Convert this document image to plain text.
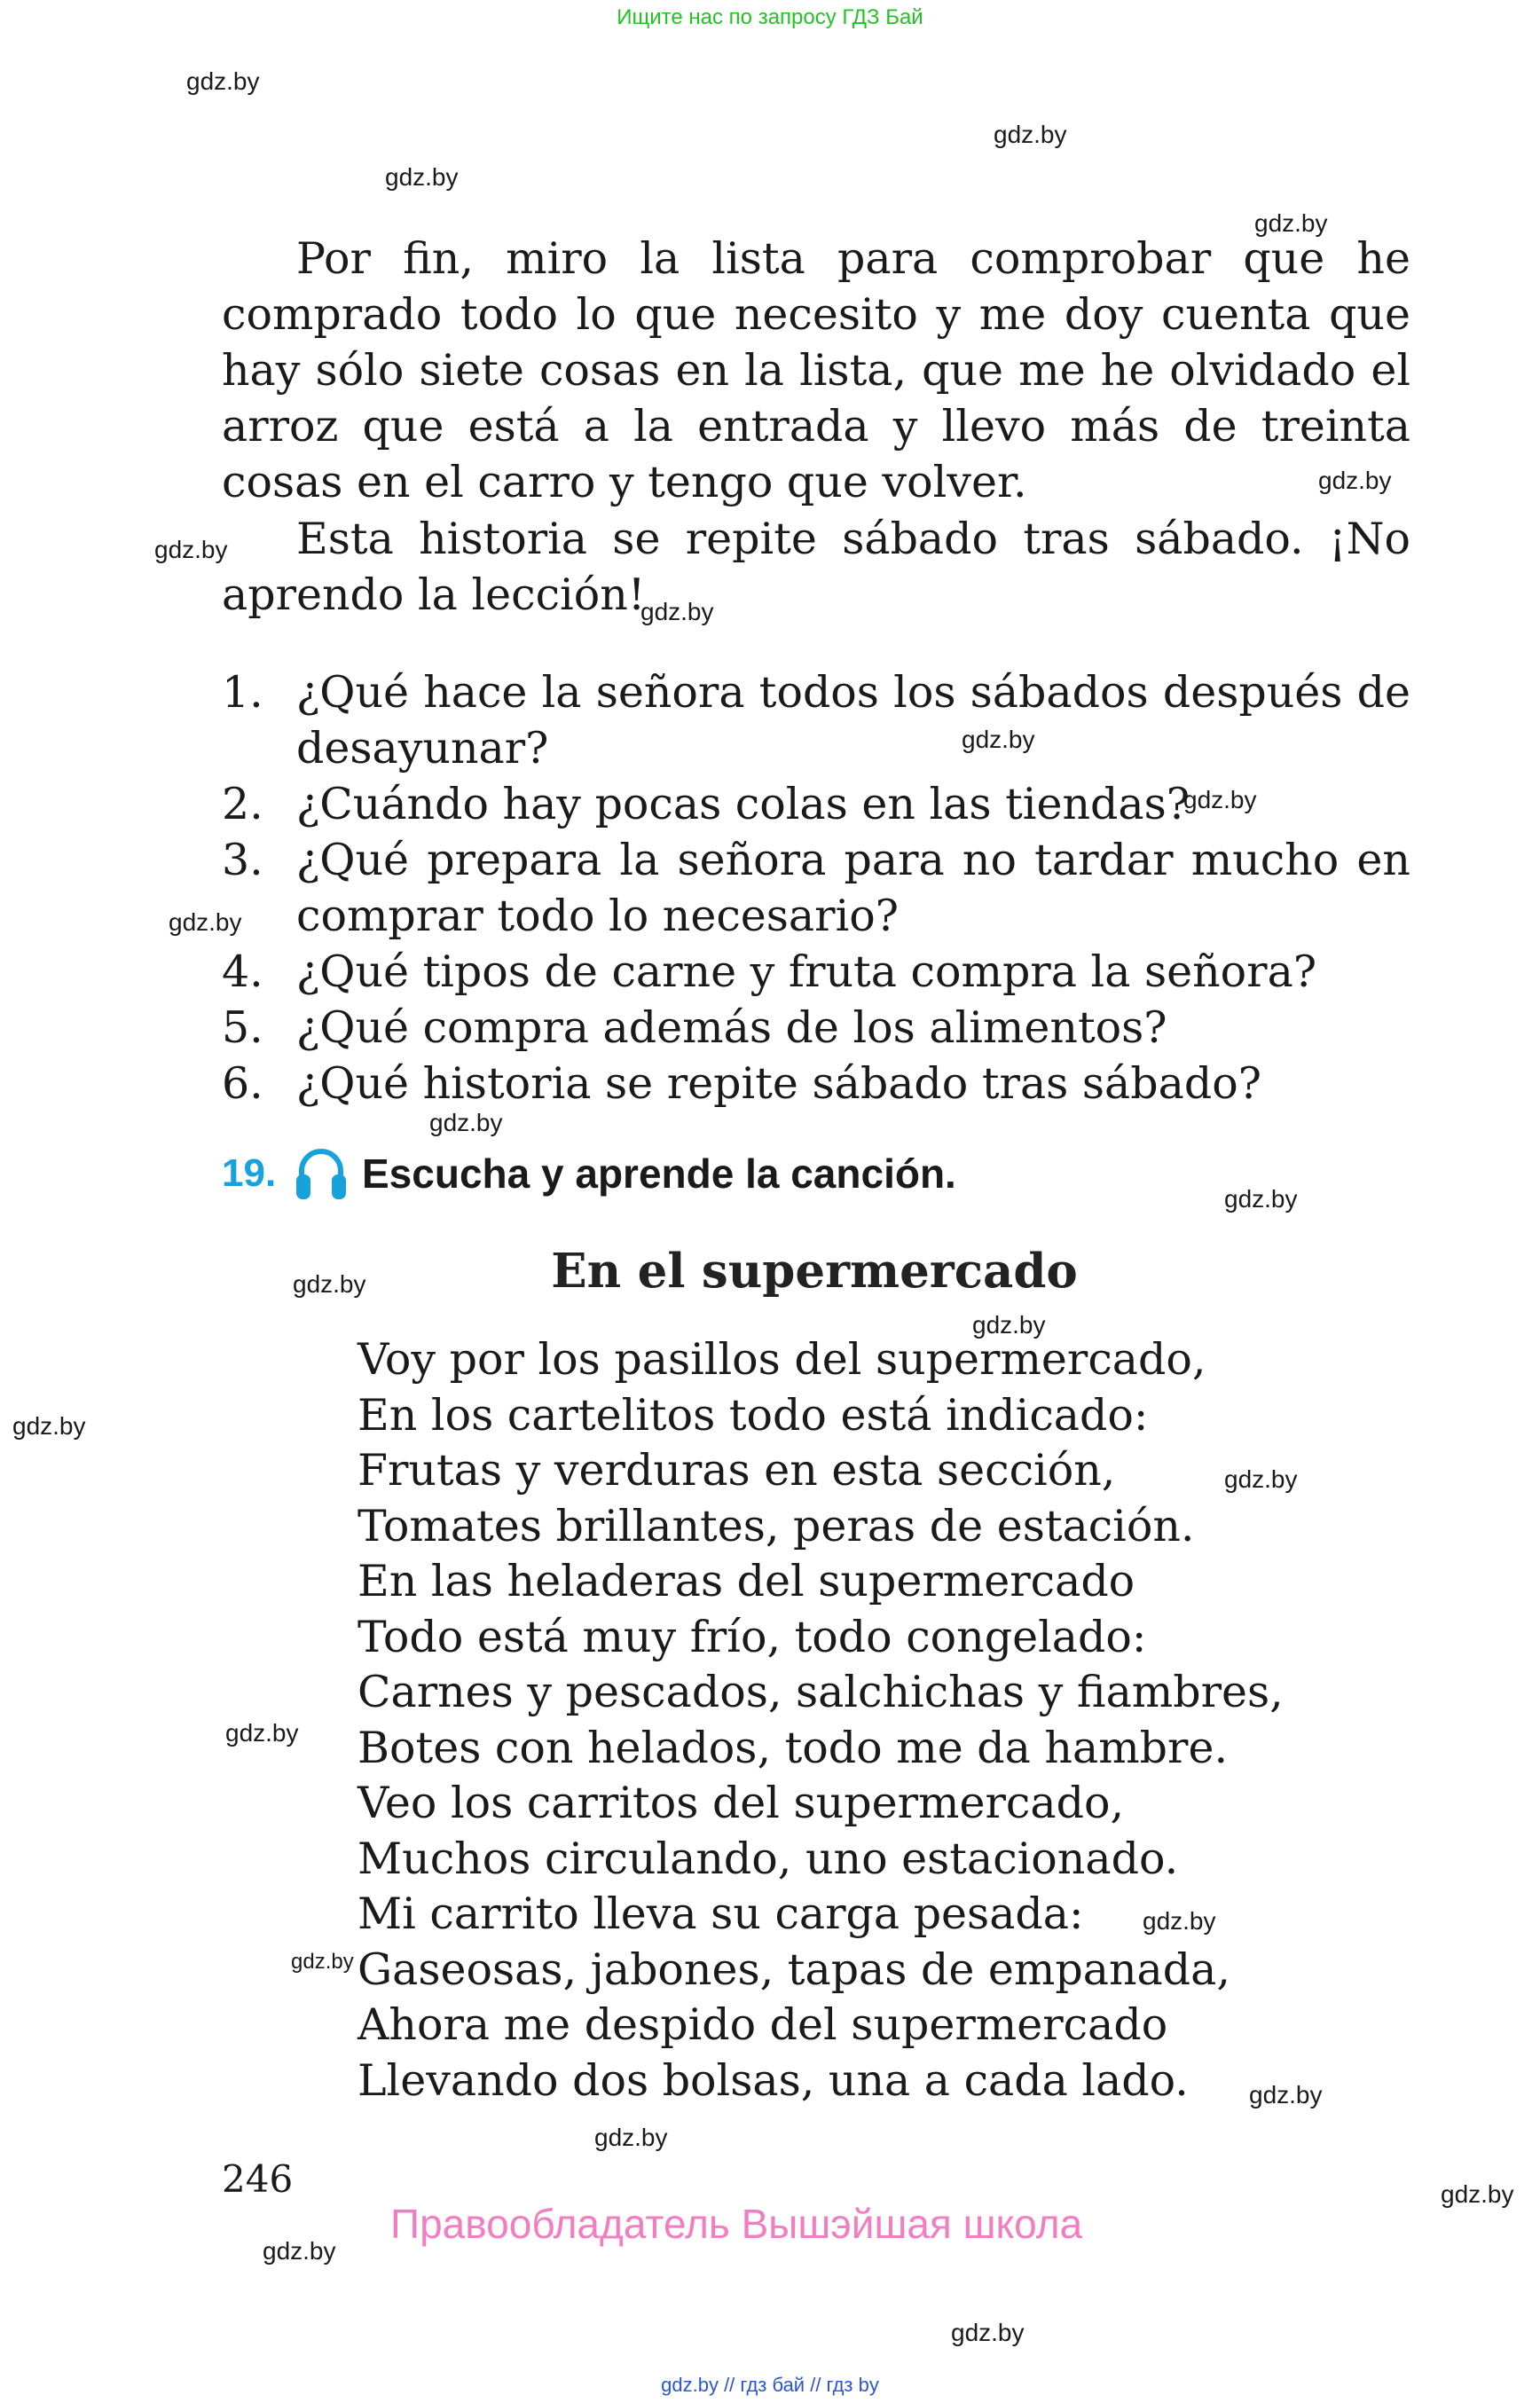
Ищите нас по запросу ГДЗ Бай
gdz.by
gdz.by
gdz.by
gdz.by
gdz.by
gdz.by
gdz.by
gdz.by
gdz.by
gdz.by
gdz.by
gdz.by
gdz.by
gdz.by
gdz.by
gdz.by
gdz.by
gdz.by
gdz.by
gdz.by
gdz.by
gdz.by
gdz.by
gdz.by

Por fin, miro la lista para comprobar que he comprado todo lo que necesito y me doy cuenta que hay sólo siete cosas en la lista, que me he olvidado el arroz que está a la entrada y llevo más de treinta cosas en el carro y tengo que volver.

Esta historia se repite sábado tras sábado. ¡No aprendo la lección!

1. ¿Qué hace la señora todos los sábados después de desayunar?
2. ¿Cuándo hay pocas colas en las tiendas?
3. ¿Qué prepara la señora para no tardar mucho en comprar todo lo necesario?
4. ¿Qué tipos de carne y fruta compra la señora?
5. ¿Qué compra además de los alimentos?
6. ¿Qué historia se repite sábado tras sábado?
19.	Escucha y aprende la canción.
En el supermercado
Voy por los pasillos del supermercado,
En los cartelitos todo está indicado:
Frutas y verduras en esta sección,
Tomates brillantes, peras de estación.
En las heladeras del supermercado
Todo está muy frío, todo congelado:
Carnes y pescados, salchichas y fiambres,
Botes con helados, todo me da hambre.
Veo los carritos del supermercado,
Muchos circulando, uno estacionado.
Mi carrito lleva su carga pesada:
Gaseosas, jabones, tapas de empanada,
Ahora me despido del supermercado
Llevando dos bolsas, una a cada lado.
246
Правообладатель Вышэйшая школа
gdz.by // гдз бай // гдз by
